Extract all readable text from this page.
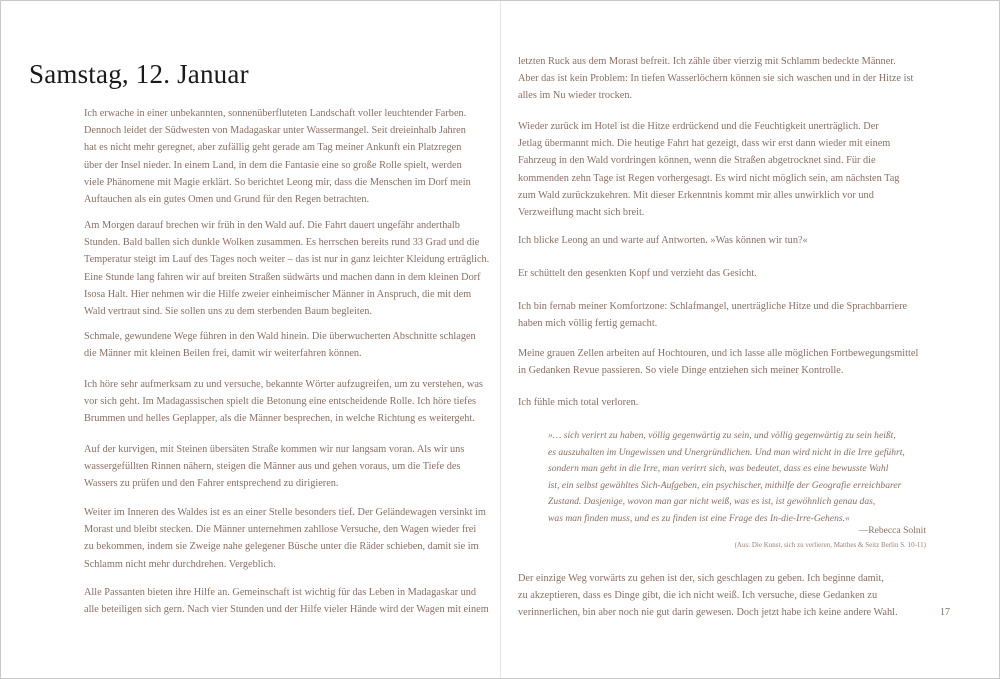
Samstag, 12. Januar

Ich erwache in einer unbekannten, sonnenüberfluteten Landschaft voller leuchtender Farben.
Dennoch leidet der Südwesten von Madagaskar unter Wassermangel. Seit dreieinhalb Jahren
hat es nicht mehr geregnet, aber zufällig geht gerade am Tag meiner Ankunft ein Platzregen
über der Insel nieder. In einem Land, in dem die Fantasie eine so große Rolle spielt, werden
viele Phänomene mit Magie erklärt. So berichtet Leong mir, dass die Menschen im Dorf mein
Auftauchen als ein gutes Omen und Grund für den Regen betrachten.

Am Morgen darauf brechen wir früh in den Wald auf. Die Fahrt dauert ungefähr anderthalb
Stunden. Bald ballen sich dunkle Wolken zusammen. Es herrschen bereits rund 33 Grad und die
Temperatur steigt im Lauf des Tages noch weiter – das ist nur in ganz leichter Kleidung erträglich.
Eine Stunde lang fahren wir auf breiten Straßen südwärts und machen dann in dem kleinen Dorf
Isosa Halt. Hier nehmen wir die Hilfe zweier einheimischer Männer in Anspruch, die mit dem
Wald vertraut sind. Sie sollen uns zu dem sterbenden Baum begleiten.

Schmale, gewundene Wege führen in den Wald hinein. Die überwucherten Abschnitte schlagen
die Männer mit kleinen Beilen frei, damit wir weiterfahren können.

Ich höre sehr aufmerksam zu und versuche, bekannte Wörter aufzugreifen, um zu verstehen, was
vor sich geht. Im Madagassischen spielt die Betonung eine entscheidende Rolle. Ich höre tiefes
Brummen und helles Geplapper, als die Männer besprechen, in welche Richtung es weitergeht.

Auf der kurvigen, mit Steinen übersäten Straße kommen wir nur langsam voran. Als wir uns
wassergefüllten Rinnen nähern, steigen die Männer aus und gehen voraus, um die Tiefe des
Wassers zu prüfen und den Fahrer entsprechend zu dirigieren.

Weiter im Inneren des Waldes ist es an einer Stelle besonders tief. Der Geländewagen versinkt im
Morast und bleibt stecken. Die Männer unternehmen zahllose Versuche, den Wagen wieder frei
zu bekommen, indem sie Zweige nahe gelegener Büsche unter die Räder schieben, damit sie im
Schlamm nicht mehr durchdrehen. Vergeblich.

Alle Passanten bieten ihre Hilfe an. Gemeinschaft ist wichtig für das Leben in Madagaskar und
alle beteiligen sich gern. Nach vier Stunden und der Hilfe vieler Hände wird der Wagen mit einem

letzten Ruck aus dem Morast befreit. Ich zähle über vierzig mit Schlamm bedeckte Männer.
Aber das ist kein Problem: In tiefen Wasserlöchern können sie sich waschen und in der Hitze ist
alles im Nu wieder trocken.

Wieder zurück im Hotel ist die Hitze erdrückend und die Feuchtigkeit unerträglich. Der
Jetlag übermannt mich. Die heutige Fahrt hat gezeigt, dass wir erst dann wieder mit einem
Fahrzeug in den Wald vordringen können, wenn die Straßen abgetrocknet sind. Für die
kommenden zehn Tage ist Regen vorhergesagt. Es wird nicht möglich sein, am nächsten Tag
zum Wald zurückzukehren. Mit dieser Erkenntnis kommt mir alles unwirklich vor und
Verzweiflung macht sich breit.

Ich blicke Leong an und warte auf Antworten. »Was können wir tun?«

Er schüttelt den gesenkten Kopf und verzieht das Gesicht.

Ich bin fernab meiner Komfortzone: Schlafmangel, unerträgliche Hitze und die Sprachbarriere
haben mich völlig fertig gemacht.

Meine grauen Zellen arbeiten auf Hochtouren, und ich lasse alle möglichen Fortbewegungsmittel
in Gedanken Revue passieren. So viele Dinge entziehen sich meiner Kontrolle.

Ich fühle mich total verloren.

»… sich verirrt zu haben, völlig gegenwärtig zu sein, und völlig gegenwärtig zu sein heißt,
es auszuhalten im Ungewissen und Unergründlichen. Und man wird nicht in die Irre geführt,
sondern man geht in die Irre, man verirrt sich, was bedeutet, dass es eine bewusste Wahl
ist, ein selbst gewähltes Sich-Aufgeben, ein psychischer, mithilfe der Geografie erreichbarer
Zustand. Dasjenige, wovon man gar nicht weiß, was es ist, ist gewöhnlich genau das,
was man finden muss, und es zu finden ist eine Frage des In-die-Irre-Gehens.«
—Rebecca Solnit
(Aus: Die Kunst, sich zu verlieren, Matthes & Seitz Berlin S. 10-11)

Der einzige Weg vorwärts zu gehen ist der, sich geschlagen zu geben. Ich beginne damit,
zu akzeptieren, dass es Dinge gibt, die ich nicht weiß. Ich versuche, diese Gedanken zu
verinnerlichen, bin aber noch nie gut darin gewesen. Doch jetzt habe ich keine andere Wahl.	17
